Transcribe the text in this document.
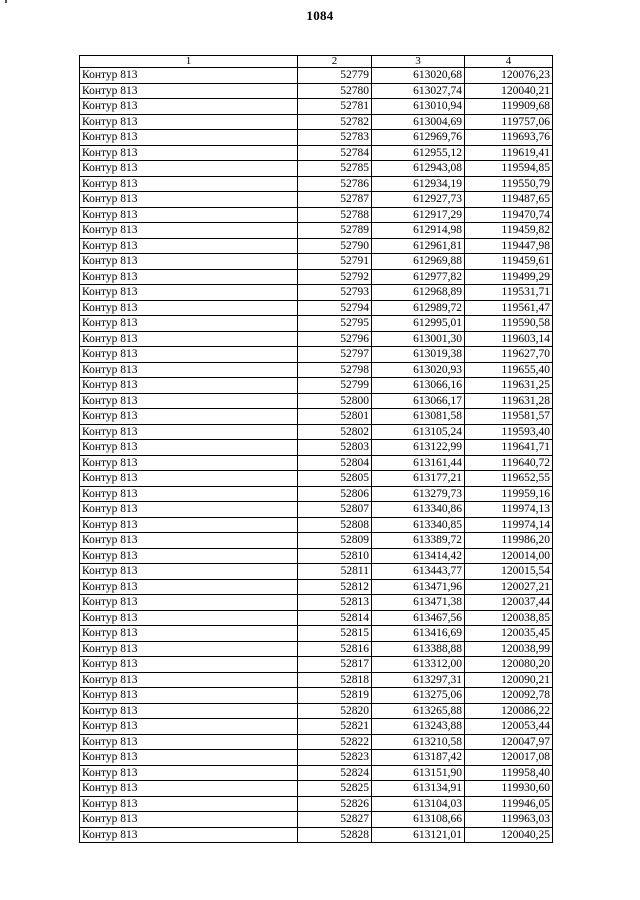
1084
1	2	3	4
Контур 813	52779	613020,68	120076,23
Контур 813	52780	613027,74	120040,21
Контур 813	52781	613010,94	119909,68
Контур 813	52782	613004,69	119757,06
Контур 813	52783	612969,76	119693,76
Контур 813	52784	612955,12	119619,41
Контур 813	52785	612943,08	119594,85
Контур 813	52786	612934,19	119550,79
Контур 813	52787	612927,73	119487,65
Контур 813	52788	612917,29	119470,74
Контур 813	52789	612914,98	119459,82
Контур 813	52790	612961,81	119447,98
Контур 813	52791	612969,88	119459,61
Контур 813	52792	612977,82	119499,29
Контур 813	52793	612968,89	119531,71
Контур 813	52794	612989,72	119561,47
Контур 813	52795	612995,01	119590,58
Контур 813	52796	613001,30	119603,14
Контур 813	52797	613019,38	119627,70
Контур 813	52798	613020,93	119655,40
Контур 813	52799	613066,16	119631,25
Контур 813	52800	613066,17	119631,28
Контур 813	52801	613081,58	119581,57
Контур 813	52802	613105,24	119593,40
Контур 813	52803	613122,99	119641,71
Контур 813	52804	613161,44	119640,72
Контур 813	52805	613177,21	119652,55
Контур 813	52806	613279,73	119959,16
Контур 813	52807	613340,86	119974,13
Контур 813	52808	613340,85	119974,14
Контур 813	52809	613389,72	119986,20
Контур 813	52810	613414,42	120014,00
Контур 813	52811	613443,77	120015,54
Контур 813	52812	613471,96	120027,21
Контур 813	52813	613471,38	120037,44
Контур 813	52814	613467,56	120038,85
Контур 813	52815	613416,69	120035,45
Контур 813	52816	613388,88	120038,99
Контур 813	52817	613312,00	120080,20
Контур 813	52818	613297,31	120090,21
Контур 813	52819	613275,06	120092,78
Контур 813	52820	613265,88	120086,22
Контур 813	52821	613243,88	120053,44
Контур 813	52822	613210,58	120047,97
Контур 813	52823	613187,42	120017,08
Контур 813	52824	613151,90	119958,40
Контур 813	52825	613134,91	119930,60
Контур 813	52826	613104,03	119946,05
Контур 813	52827	613108,66	119963,03
Контур 813	52828	613121,01	120040,25
